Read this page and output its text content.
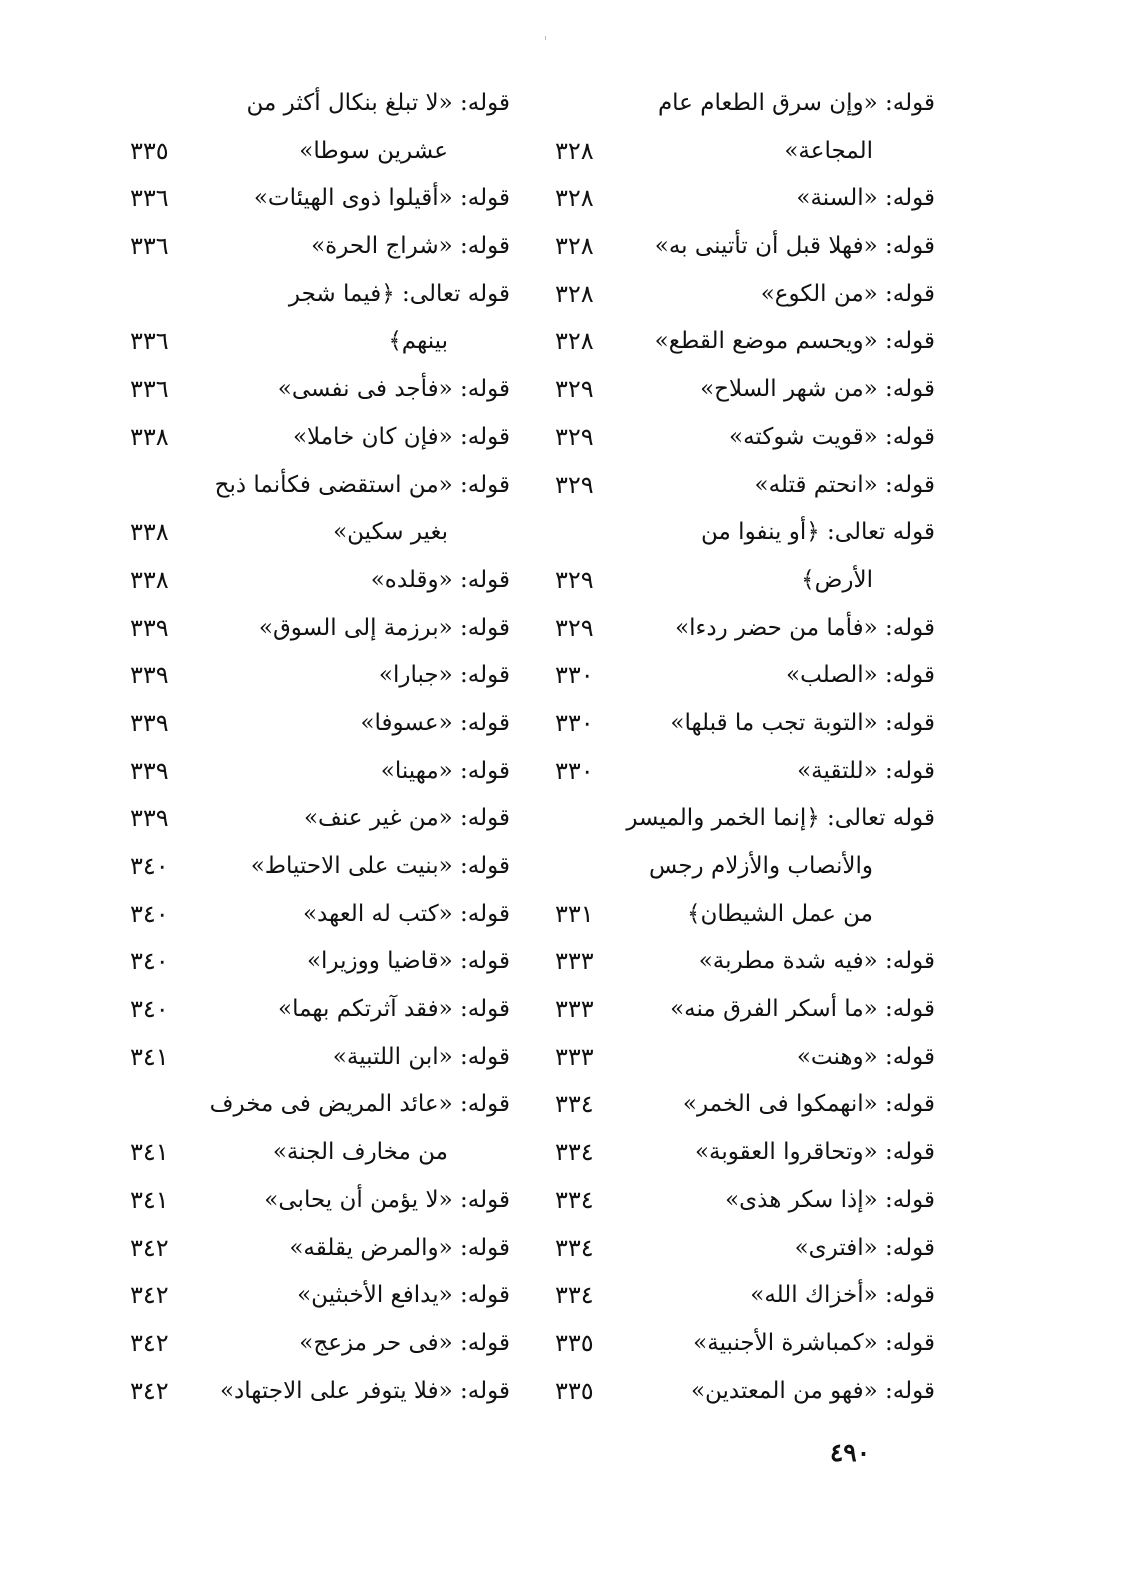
قوله: «وإن سرق الطعام عام
المجاعة»
٣٢٨
قوله: «السنة»
٣٢٨
قوله: «فهلا قبل أن تأتينى به»
٣٢٨
قوله: «من الكوع»
٣٢٨
قوله: «ويحسم موضع القطع»
٣٢٨
قوله: «من شهر السلاح»
٣٢٩
قوله: «قويت شوكته»
٣٢٩
قوله: «انحتم قتله»
٣٢٩
قوله تعالى: ﴿أو ينفوا من
الأرض﴾
٣٢٩
قوله: «فأما من حضر ردءا»
٣٢٩
قوله: «الصلب»
٣٣٠
قوله: «التوبة تجب ما قبلها»
٣٣٠
قوله: «للتقية»
٣٣٠
قوله تعالى: ﴿إنما الخمر والميسر
والأنصاب والأزلام رجس
من عمل الشيطان﴾
٣٣١
قوله: «فيه شدة مطربة»
٣٣٣
قوله: «ما أسكر الفرق منه»
٣٣٣
قوله: «وهنت»
٣٣٣
قوله: «انهمكوا فى الخمر»
٣٣٤
قوله: «وتحاقروا العقوبة»
٣٣٤
قوله: «إذا سكر هذى»
٣٣٤
قوله: «افترى»
٣٣٤
قوله: «أخزاك الله»
٣٣٤
قوله: «كمباشرة الأجنبية»
٣٣٥
قوله: «فهو من المعتدين»
٣٣٥
قوله: «لا تبلغ بنكال أكثر من
عشرين سوطا»
٣٣٥
قوله: «أقيلوا ذوى الهيئات»
٣٣٦
قوله: «شراج الحرة»
٣٣٦
قوله تعالى: ﴿فيما شجر
بينهم﴾
٣٣٦
قوله: «فأجد فى نفسى»
٣٣٦
قوله: «فإن كان خاملا»
٣٣٨
قوله: «من استقضى فكأنما ذبح
بغير سكين»
٣٣٨
قوله: «وقلده»
٣٣٨
قوله: «برزمة إلى السوق»
٣٣٩
قوله: «جبارا»
٣٣٩
قوله: «عسوفا»
٣٣٩
قوله: «مهينا»
٣٣٩
قوله: «من غير عنف»
٣٣٩
قوله: «بنيت على الاحتياط»
٣٤٠
قوله: «كتب له العهد»
٣٤٠
قوله: «قاضيا ووزيرا»
٣٤٠
قوله: «فقد آثرتكم بهما»
٣٤٠
قوله: «ابن اللتبية»
٣٤١
قوله: «عائد المريض فى مخرف
من مخارف الجنة»
٣٤١
قوله: «لا يؤمن أن يحابى»
٣٤١
قوله: «والمرض يقلقه»
٣٤٢
قوله: «يدافع الأخبثين»
٣٤٢
قوله: «فى حر مزعج»
٣٤٢
قوله: «فلا يتوفر على الاجتهاد»
٣٤٢
٤٩٠
